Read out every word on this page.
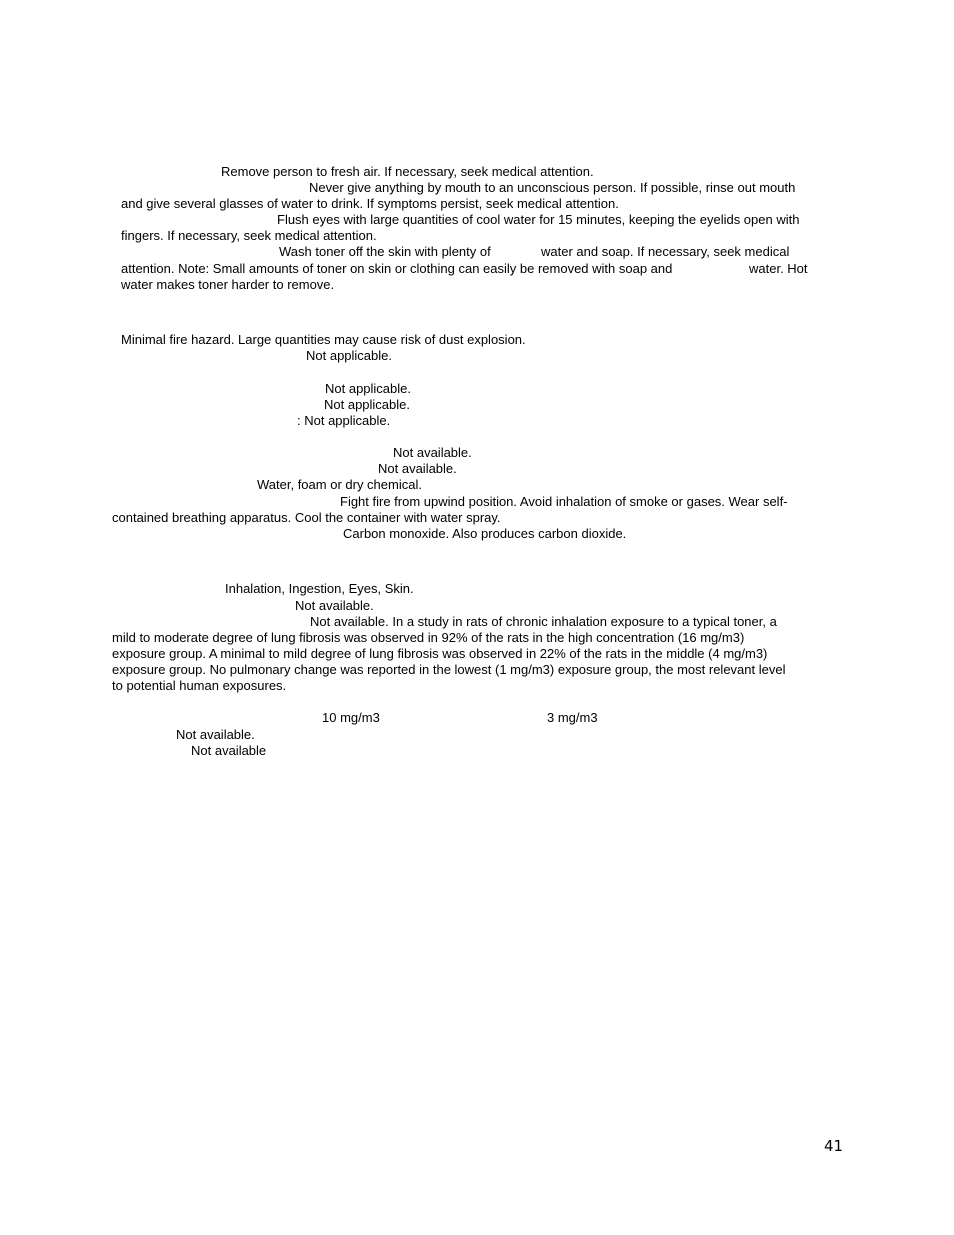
Remove person to fresh air. If necessary, seek medical attention.

Never give anything by mouth to an unconscious person. If possible, rinse out mouth

and give several glasses of water to drink. If symptoms persist, seek medical attention.

Flush eyes with large quantities of cool water for 15 minutes, keeping the eyelids open with

fingers. If necessary, seek medical attention.

Wash toner off the skin with plenty of	water and soap. If necessary, seek medical

attention. Note: Small amounts of toner on skin or clothing can easily be removed with soap and	water. Hot

water makes toner harder to remove.

Minimal fire hazard. Large quantities may cause risk of dust explosion.

Not applicable.

Not applicable.

Not applicable.

: Not applicable.

Not available.

Not available.

Water, foam or dry chemical.

Fight fire from upwind position. Avoid inhalation of smoke or gases. Wear self-

contained breathing apparatus. Cool the container with water spray.

Carbon monoxide. Also produces carbon dioxide.

Inhalation, Ingestion, Eyes, Skin.

Not available.

Not available. In a study in rats of chronic inhalation exposure to a typical toner, a

mild to moderate degree of lung fibrosis was observed in 92% of the rats in the high concentration (16 mg/m3)

exposure group. A minimal to mild degree of lung fibrosis was observed in 22% of the rats in the middle (4 mg/m3)

exposure group. No pulmonary change was reported in the lowest (1 mg/m3) exposure group, the most relevant level

to potential human exposures.

10 mg/m3	3 mg/m3

Not available.

Not available

41
